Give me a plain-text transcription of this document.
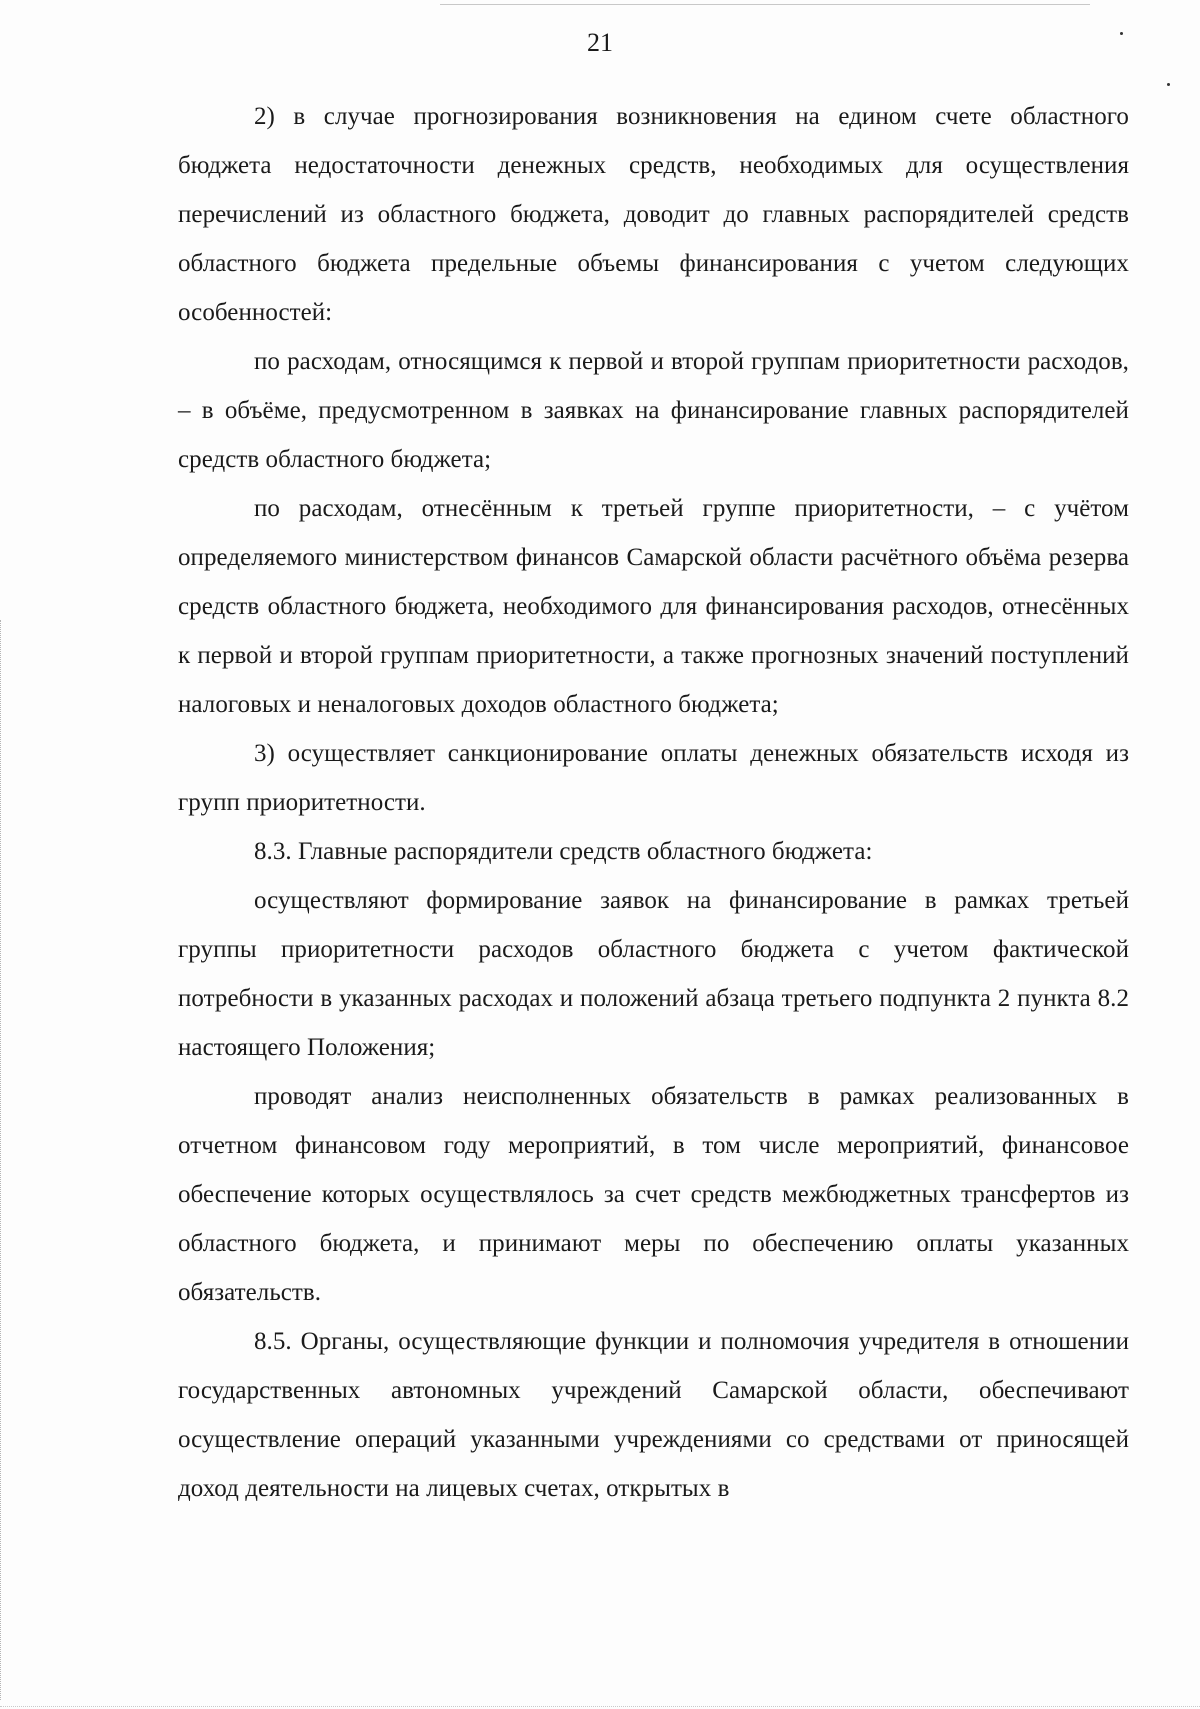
21

2) в случае прогнозирования возникновения на едином счете областного бюджета недостаточности денежных средств, необходимых для осуществления перечислений из областного бюджета, доводит до главных распорядителей средств областного бюджета предельные объемы финансирования с учетом следующих особенностей:

по расходам, относящимся к первой и второй группам приоритетности расходов, – в объёме, предусмотренном в заявках на финансирование главных распорядителей средств областного бюджета;

по расходам, отнесённым к третьей группе приоритетности, – с учётом определяемого министерством финансов Самарской области расчётного объёма резерва средств областного бюджета, необходимого для финансирования расходов, отнесённых к первой и второй группам приоритетности, а также прогнозных значений поступлений налоговых и неналоговых доходов областного бюджета;

3) осуществляет санкционирование оплаты денежных обязательств исходя из групп приоритетности.

8.3. Главные распорядители средств областного бюджета:

осуществляют формирование заявок на финансирование в рамках третьей группы приоритетности расходов областного бюджета с учетом фактической потребности в указанных расходах и положений абзаца третьего подпункта 2 пункта 8.2 настоящего Положения;

проводят анализ неисполненных обязательств в рамках реализованных в отчетном финансовом году мероприятий, в том числе мероприятий, финансовое обеспечение которых осуществлялось за счет средств межбюджетных трансфертов из областного бюджета, и принимают меры по обеспечению оплаты указанных обязательств.

8.5. Органы, осуществляющие функции и полномочия учредителя в отношении государственных автономных учреждений Самарской области, обеспечивают осуществление операций указанными учреждениями со средствами от приносящей доход деятельности на лицевых счетах, открытых в
